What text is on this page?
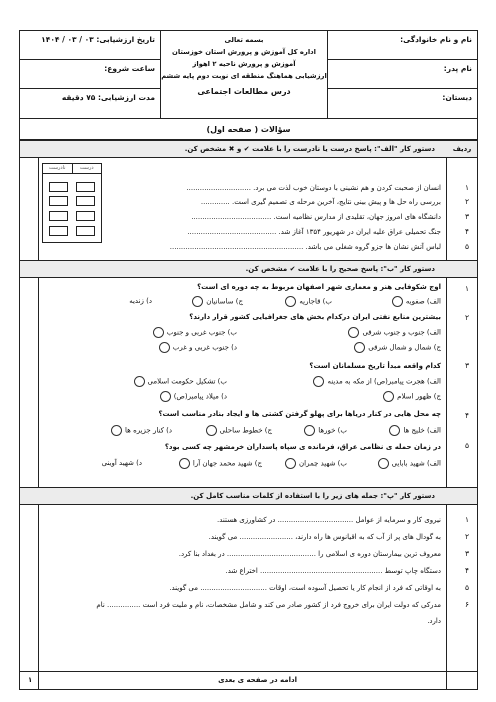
نام و نام خانوادگی:
نام پدر:
دبستان:
بسمه تعالی
اداره کل آموزش و پرورش استان خوزستان
آموزش و پرورش ناحیه ۲ اهواز
ارزشیابی هماهنگ منطقه ای نوبت دوم پایه ششم
درس مطالعات اجتماعی
تاریخ ارزشیابی: ۰۳ / ۰۳ / ۱۴۰۴
ساعت شروع:
مدت ارزشیابی: ۷۵ دقیقه
سؤالات ( صفحه اول)
ردیف
دستور کار "الف": پاسخ درست یا نادرست را با علامت ✔ و ✖ مشخص کن.
۱
انسان از صحبت کردن و هم نشینی با دوستان خوب لذت می برد. .............................
۲
بررسی راه حل ها و پیش بینی نتایج، آخرین مرحله ی تصمیم گیری است. .............
۳
دانشگاه های امروز جهان، تقلیدی از مدارس نظامیه است. ....................................
۴
جنگ تحمیلی عراق علیه ایران در شهریور ۱۳۵۴ آغاز شد. ........................................
۵
لباس آتش نشان ها جزو گروه شغلی می باشد. ............................................................
درست
نادرست
دستور کار "ب": پاسخ صحیح را با علامت ✔ مشخص کن.
۱
اوج شکوفایی هنر و معماری شهر اصفهان مربوط به چه دوره ای است؟
الف) صفویه
ب) قاجاریه
ج) ساسانیان
د) زندیه
۲
بیشترین منابع نفتی ایران درکدام بخش های جغرافیایی کشور قرار دارند؟
الف) جنوب و جنوب شرقی
ب) جنوب غربی و جنوب
ج) شمال و شمال شرقی
د) جنوب غربی و غرب
۳
کدام واقعه مبدأ تاریخ مسلمانان است؟
الف) هجرت پیامبر(ص) از مکه به مدینه
ب) تشکیل حکومت اسلامی
ج) ظهور اسلام
د) میلاد پیامبر(ص)
۴
چه محل هایی در کنار دریاها برای پهلو گرفتن کشتی ها و ایجاد بنادر مناسب است؟
الف) خلیج ها
ب) خورها
ج) خطوط ساحلی
د) کنار جزیره ها
۵
در زمان حمله ی نظامی عراق، فرمانده ی سپاه پاسداران خرمشهر چه کسی بود؟
الف) شهید بابایی
ب) شهید چمران
ج) شهید محمد جهان آرا
د) شهید آوینی
دستور کار "پ": جمله های زیر را با استفاده از کلمات مناسب کامل کن.
۱
نیروی کار و سرمایه از عوامل .................................. در کشاورزی هستند.
۲
به گودال های پر از آب که به اقیانوس ها راه دارند، ........................ می گویند.
۳
معروف ترین بیمارستان دوره ی اسلامی را ........................................ در بغداد بنا کرد.
۴
دستگاه چاپ توسط ....................................................... اختراع شد.
۵
به اوقاتی که فرد از انجام کار یا تحصیل آسوده است، اوقات .............................. می گویند.
۶
مدرکی که دولت ایران برای خروج فرد از کشور صادر می کند و شامل مشخصات، نام و ملیت فرد است ............... نام
دارد.
ادامه در صفحه ی بعدی
۱
